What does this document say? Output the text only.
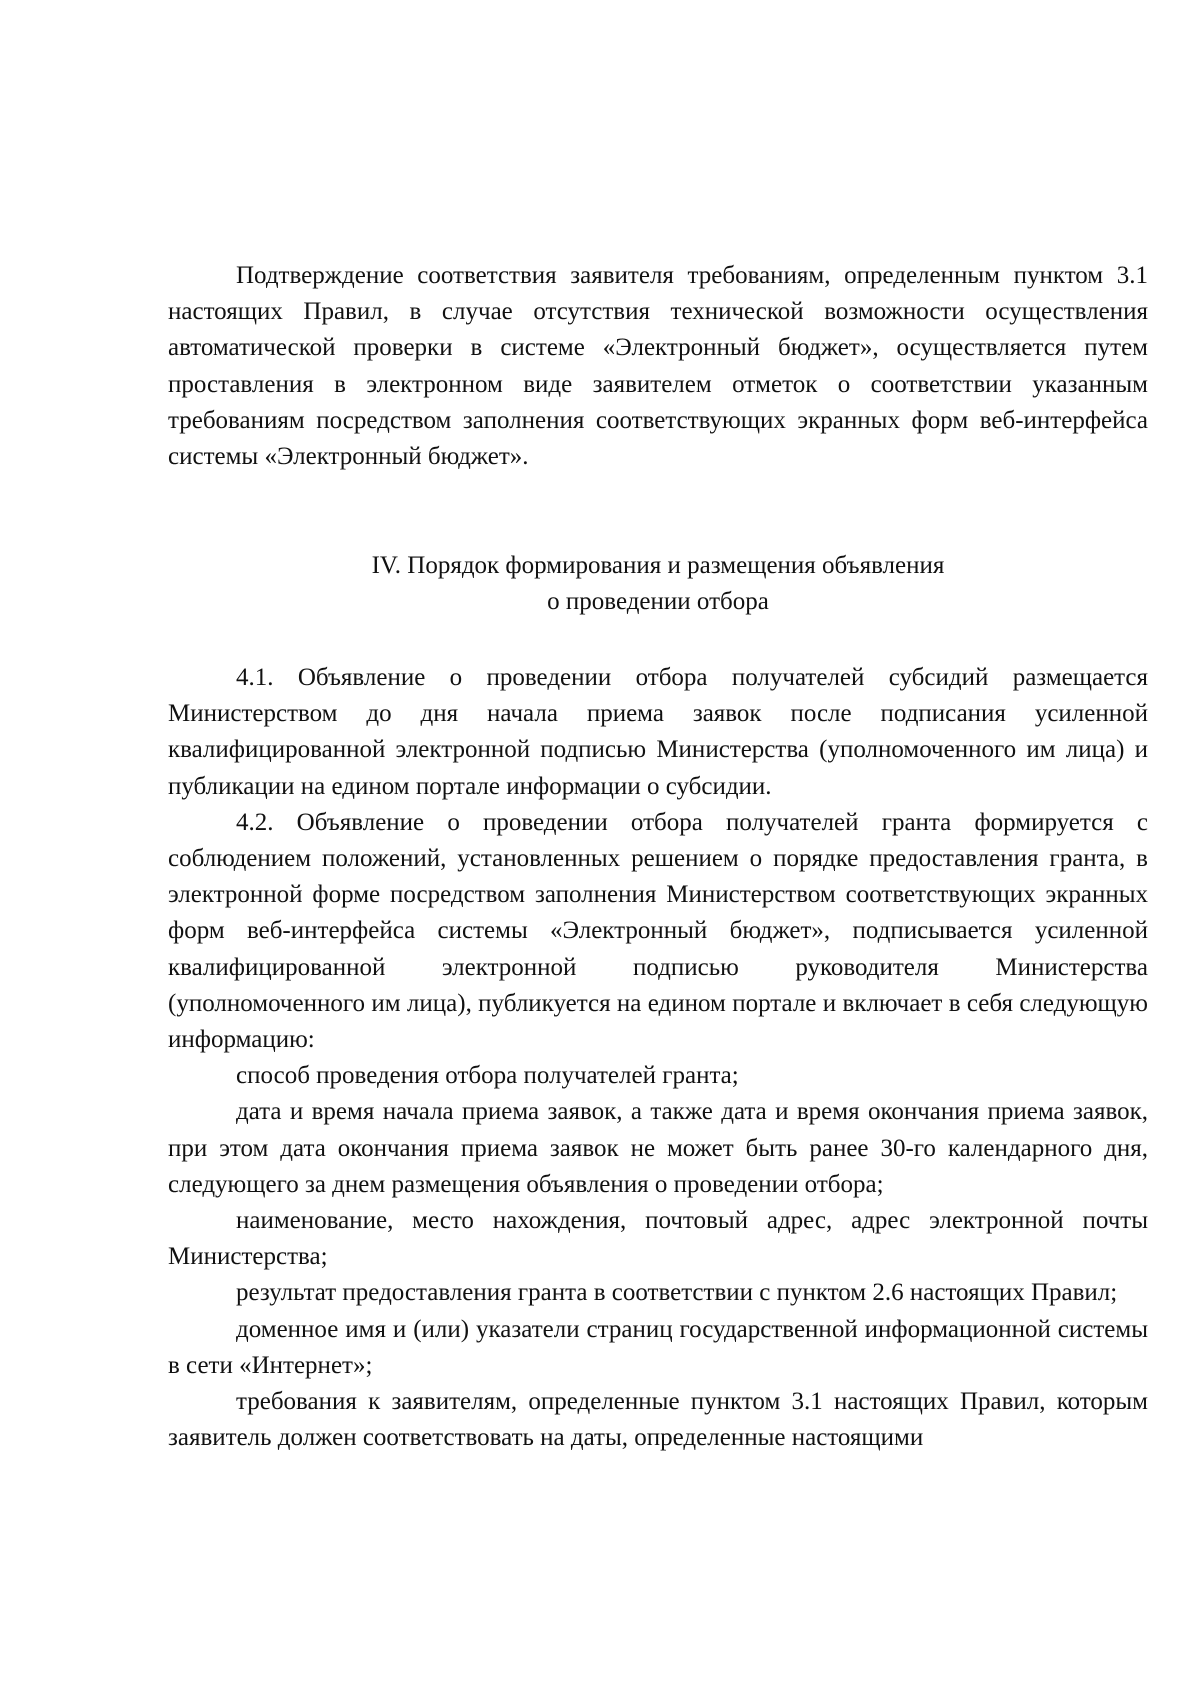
Подтверждение соответствия заявителя требованиям, определенным пунктом 3.1 настоящих Правил, в случае отсутствия технической возможности осуществления автоматической проверки в системе «Электронный бюджет», осуществляется путем проставления в электронном виде заявителем отметок о соответствии указанным требованиям посредством заполнения соответствующих экранных форм веб-интерфейса системы «Электронный бюджет».

IV. Порядок формирования и размещения объявления
о проведении отбора

4.1. Объявление о проведении отбора получателей субсидий размещается Министерством до дня начала приема заявок после подписания усиленной квалифицированной электронной подписью Министерства (уполномоченного им лица) и публикации на едином портале информации о субсидии.

4.2. Объявление о проведении отбора получателей гранта формируется с соблюдением положений, установленных решением о порядке предоставления гранта, в электронной форме посредством заполнения Министерством соответствующих экранных форм веб-интерфейса системы «Электронный бюджет», подписывается усиленной квалифицированной электронной подписью руководителя Министерства (уполномоченного им лица), публикуется на едином портале и включает в себя следующую информацию:

способ проведения отбора получателей гранта;

дата и время начала приема заявок, а также дата и время окончания приема заявок, при этом дата окончания приема заявок не может быть ранее 30-го календарного дня, следующего за днем размещения объявления о проведении отбора;

наименование, место нахождения, почтовый адрес, адрес электронной почты Министерства;

результат предоставления гранта в соответствии с пунктом 2.6 настоящих Правил;

доменное имя и (или) указатели страниц государственной информационной системы в сети «Интернет»;

требования к заявителям, определенные пунктом 3.1 настоящих Правил, которым заявитель должен соответствовать на даты, определенные настоящими
